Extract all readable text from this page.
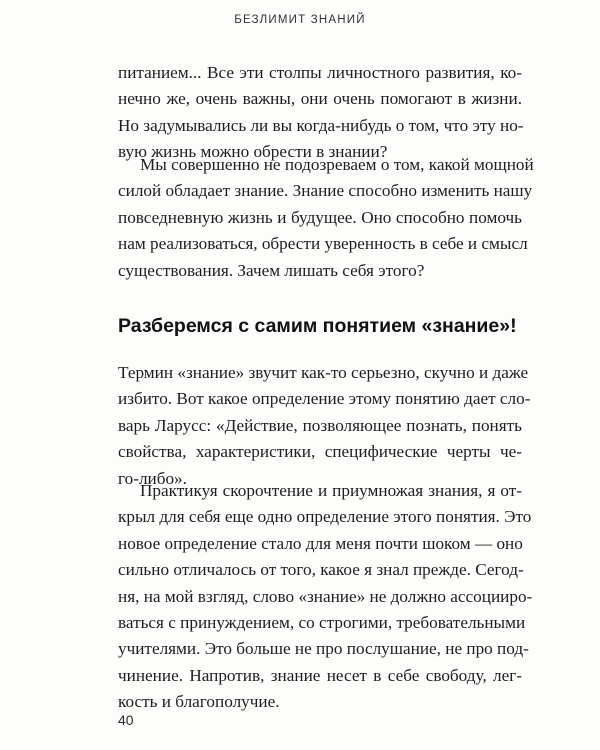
БЕЗЛИМИТ ЗНАНИЙ
питанием... Все эти столпы личностного развития, ко-
нечно же, очень важны, они очень помогают в жизни.
Но задумывались ли вы когда-нибудь о том, что эту но-
вую жизнь можно обрести в знании?
Мы совершенно не подозреваем о том, какой мощной
силой обладает знание. Знание способно изменить нашу
повседневную жизнь и будущее. Оно способно помочь
нам реализоваться, обрести уверенность в себе и смысл
существования. Зачем лишать себя этого?
Разберемся с самим понятием «знание»!
Термин «знание» звучит как-то серьезно, скучно и даже
избито. Вот какое определение этому понятию дает сло-
варь Ларусс: «Действие, позволяющее познать, понять
свойства, характеристики, специфические черты че-
го-либо».
Практикуя скорочтение и приумножая знания, я от-
крыл для себя еще одно определение этого понятия. Это
новое определение стало для меня почти шоком — оно
сильно отличалось от того, какое я знал прежде. Сегод-
ня, на мой взгляд, слово «знание» не должно ассоцииро-
ваться с принуждением, со строгими, требовательными
учителями. Это больше не про послушание, не про под-
чинение. Напротив, знание несет в себе свободу, лег-
кость и благополучие.
40
